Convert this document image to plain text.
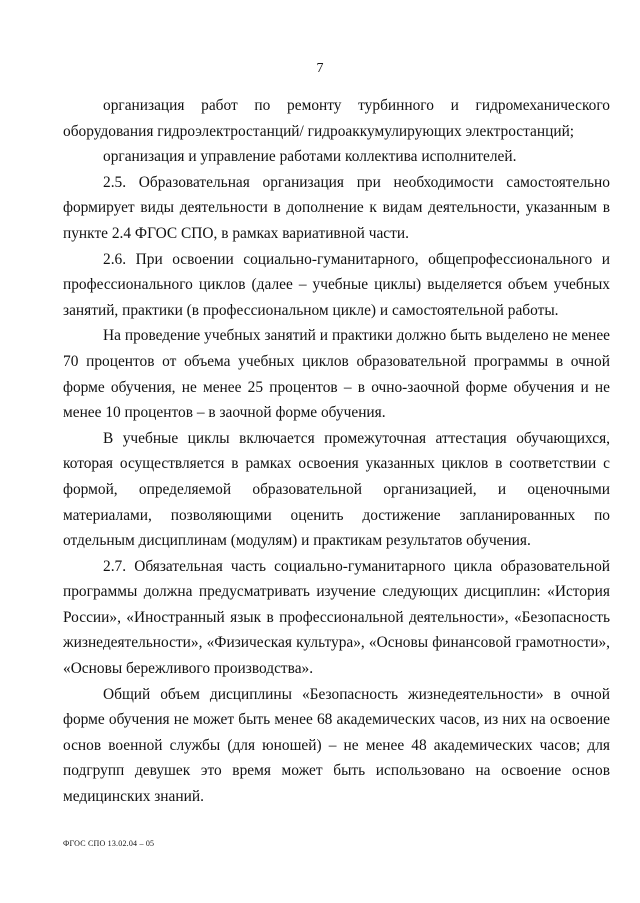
7

организация работ по ремонту турбинного и гидромеханического оборудования гидроэлектростанций/ гидроаккумулирующих электростанций;

организация и управление работами коллектива исполнителей.

2.5. Образовательная организация при необходимости самостоятельно формирует виды деятельности в дополнение к видам деятельности, указанным в пункте 2.4 ФГОС СПО, в рамках вариативной части.

2.6. При освоении социально-гуманитарного, общепрофессионального и профессионального циклов (далее – учебные циклы) выделяется объем учебных занятий, практики (в профессиональном цикле) и самостоятельной работы.

На проведение учебных занятий и практики должно быть выделено не менее 70 процентов от объема учебных циклов образовательной программы в очной форме обучения, не менее 25 процентов – в очно-заочной форме обучения и не менее 10 процентов – в заочной форме обучения.

В учебные циклы включается промежуточная аттестация обучающихся, которая осуществляется в рамках освоения указанных циклов в соответствии с формой, определяемой образовательной организацией, и оценочными материалами, позволяющими оценить достижение запланированных по отдельным дисциплинам (модулям) и практикам результатов обучения.

2.7. Обязательная часть социально-гуманитарного цикла образовательной программы должна предусматривать изучение следующих дисциплин: «История России», «Иностранный язык в профессиональной деятельности», «Безопасность жизнедеятельности», «Физическая культура», «Основы финансовой грамотности», «Основы бережливого производства».

Общий объем дисциплины «Безопасность жизнедеятельности» в очной форме обучения не может быть менее 68 академических часов, из них на освоение основ военной службы (для юношей) – не менее 48 академических часов; для подгрупп девушек это время может быть использовано на освоение основ медицинских знаний.

ФГОС СПО 13.02.04 – 05
